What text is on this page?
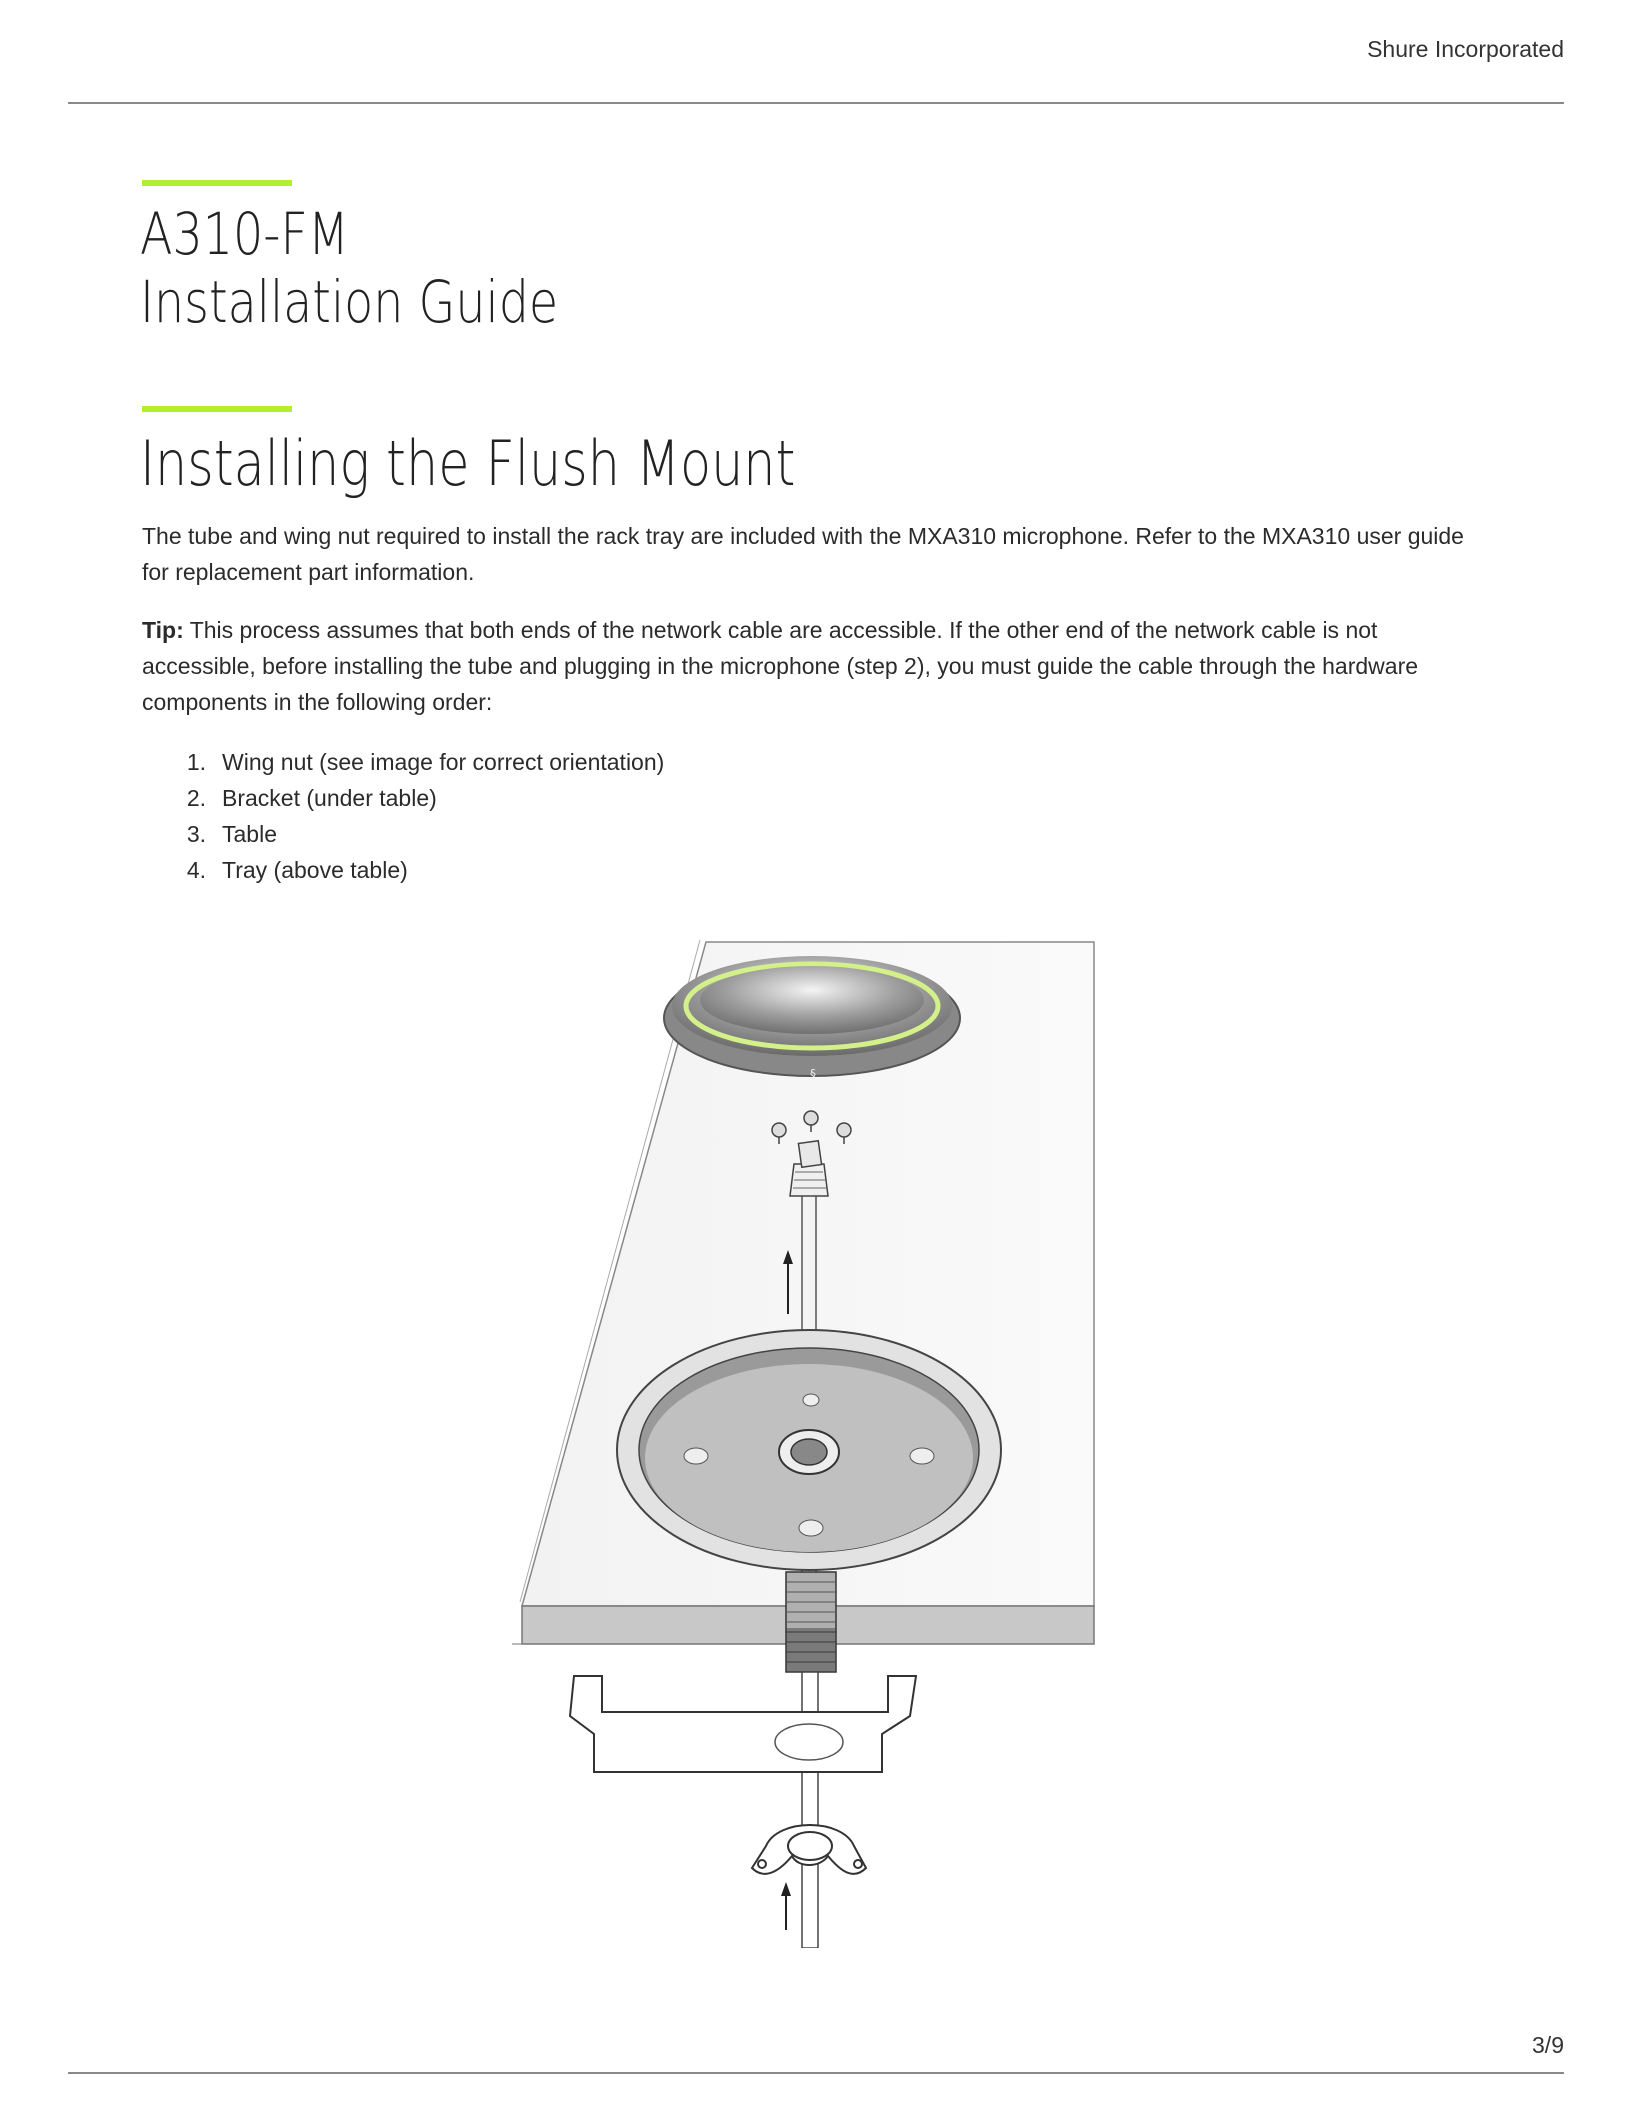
Shure Incorporated
A310-FM
Installation Guide
Installing the Flush Mount

The tube and wing nut required to install the rack tray are included with the MXA310 microphone. Refer to the MXA310 user guide for replacement part information.

Tip: This process assumes that both ends of the network cable are accessible. If the other end of the network cable is not accessible, before installing the tube and plugging in the microphone (step 2), you must guide the cable through the hardware components in the following order:

1. Wing nut (see image for correct orientation)
2. Bracket (under table)
3. Table
4. Tray (above table)
§
3/9
